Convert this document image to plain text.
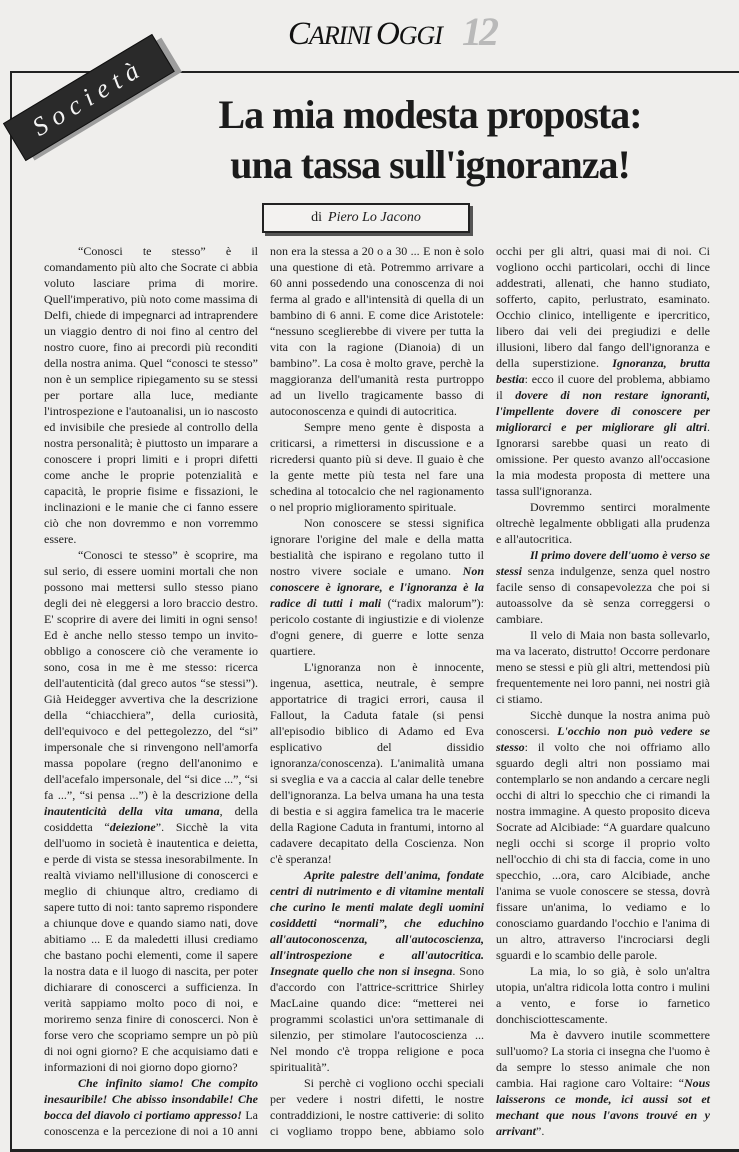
CARINI OGGI 12

“Conosci te stesso” è il comandamento più alto che Socrate ci abbia voluto lasciare prima di morire. Quell'imperativo, più noto come massima di Delfi, chiede di impegnarci ad intraprendere un viaggio dentro di noi fino al centro del nostro cuore, fino ai precordi più reconditi della nostra anima. Quel “conosci te stesso” non è un semplice ripiegamento su se stessi per portare alla luce, mediante l'introspezione e l'autoanalisi, un io nascosto ed invisibile che presiede al controllo della nostra personalità; è piuttosto un imparare a conoscere i propri limiti e i propri difetti come anche le proprie potenzialità e capacità, le proprie fisime e fissazioni, le inclinazioni e le manie che ci fanno essere ciò che non dovremmo e non vorremmo essere.

“Conosci te stesso” è scoprire, ma sul serio, di essere uomini mortali che non possono mai mettersi sullo stesso piano degli dei nè eleggersi a loro braccio destro. E' scoprire di avere dei limiti in ogni senso! Ed è anche nello stesso tempo un invito-obbligo a conoscere ciò che veramente io sono, cosa in me è me stesso: ricerca dell'autenticità (dal greco autos “se stessi”). Già Heidegger avvertiva che la descrizione della “chiacchiera”, della curiosità, dell'equivoco e del pettegolezzo, del “si” impersonale che si rinvengono nell'amorfa massa popolare (regno dell'anonimo e dell'acefalo impersonale, del “si dice ...”, “si fa ...”, “si pensa ...”) è la descrizione della inautenticità della vita umana, della cosiddetta “deiezione”. Sicchè la vita dell'uomo in società è inautentica e deietta, e perde di vista se stessa inesorabilmente. In realtà viviamo nell'illusione di conoscerci e meglio di chiunque altro, crediamo di sapere tutto di noi: tanto sapremo rispondere a chiunque dove e quando siamo nati, dove abitiamo ... E da maledetti illusi crediamo che bastano pochi elementi, come il sapere la nostra data e il luogo di nascita, per poter dichiarare di conoscerci a sufficienza. In verità sappiamo molto poco di noi, e moriremo senza finire di conoscerci. Non è forse vero che scopriamo sempre un pò più di noi ogni giorno? E che acquisiamo dati e informazioni di noi giorno dopo giorno?

Che infinito siamo! Che compito inesauribile! Che abisso insondabile! Che bocca del diavolo ci portiamo appresso! La conoscenza e la percezione di noi a 10 anni non era la stessa a 20 o a 30 ... E non è solo una questione di età. Potremmo arrivare a 60 anni possedendo una conoscenza di noi ferma al grado e all'intensità di quella di un bambino di 6 anni. E come dice Aristotele: “nessuno sceglierebbe di vivere per tutta la vita con la ragione (Dianoia) di un bambino”. La cosa è molto grave, perchè la maggioranza dell'umanità resta purtroppo ad un livello tragicamente basso di autoconoscenza e quindi di autocritica.

Sempre meno gente è disposta a criticarsi, a rimettersi in discussione e a ricredersi quanto più si deve. Il guaio è che la gente mette più testa nel fare una schedina al totocalcio che nel ragionamento o nel proprio miglioramento spirituale.

Non conoscere se stessi significa ignorare l'origine del male e della matta bestialità che ispirano e regolano tutto il nostro vivere sociale e umano. Non conoscere è ignorare, e l'ignoranza è la radice di tutti i mali (“radix malorum”): pericolo costante di ingiustizie e di violenze d'ogni genere, di guerre e lotte senza quartiere.

L'ignoranza non è innocente, ingenua, asettica, neutrale, è sempre apportatrice di tragici errori, causa il Fallout, la Caduta fatale (si pensi all'episodio biblico di Adamo ed Eva esplicativo del dissidio ignoranza/conoscenza). L'animalità umana si sveglia e va a caccia al calar delle tenebre dell'ignoranza. La belva umana ha una testa di bestia e si aggira famelica tra le macerie della Ragione Caduta in frantumi, intorno al cadavere decapitato della Coscienza. Non c'è speranza!

Aprite palestre dell'anima, fondate centri di nutrimento e di vitamine mentali che curino le menti malate degli uomini cosiddetti “normali”, che educhino all'autoconoscenza, all'autocoscienza, all'introspezione e all'autocritica. Insegnate quello che non si insegna. Sono d'accordo con l'attrice-scrittrice Shirley MacLaine quando dice: “metterei nei programmi scolastici un'ora settimanale di silenzio, per stimolare l'autocoscienza ... Nel mondo c'è troppa religione e poca spiritualità”.

Si perchè ci vogliono occhi speciali per vedere i nostri difetti, le nostre contraddizioni, le nostre cattiverie: di solito ci vogliamo troppo bene, abbiamo solo occhi per gli altri, quasi mai di noi. Ci vogliono occhi particolari, occhi di lince addestrati, allenati, che hanno studiato, sofferto, capito, perlustrato, esaminato. Occhio clinico, intelligente e ipercritico, libero dai veli dei pregiudizi e delle illusioni, libero dal fango dell'ignoranza e della superstizione. Ignoranza, brutta bestia: ecco il cuore del problema, abbiamo il dovere di non restare ignoranti, l'impellente dovere di conoscere per migliorarci e per migliorare gli altri. Ignorarsi sarebbe quasi un reato di omissione. Per questo avanzo all'occasione la mia modesta proposta di mettere una tassa sull'ignoranza.

Dovremmo sentirci moralmente oltrechè legalmente obbligati alla prudenza e all'autocritica.

Il primo dovere dell'uomo è verso se stessi senza indulgenze, senza quel nostro facile senso di consapevolezza che poi si autoassolve da sè senza correggersi o cambiare.

Il velo di Maia non basta sollevarlo, ma va lacerato, distrutto! Occorre perdonare meno se stessi e più gli altri, mettendosi più frequentemente nei loro panni, nei nostri già ci stiamo.

Sicchè dunque la nostra anima può conoscersi. L'occhio non può vedere se stesso: il volto che noi offriamo allo sguardo degli altri non possiamo mai contemplarlo se non andando a cercare negli occhi di altri lo specchio che ci rimandi la nostra immagine. A questo proposito diceva Socrate ad Alcibiade: “A guardare qualcuno negli occhi si scorge il proprio volto nell'occhio di chi sta di faccia, come in uno specchio, ...ora, caro Alcibiade, anche l'anima se vuole conoscere se stessa, dovrà fissare un'anima, lo vediamo e lo conosciamo guardando l'occhio e l'anima di un altro, attraverso l'incrociarsi degli sguardi e lo scambio delle parole.

La mia, lo so già, è solo un'altra utopia, un'altra ridicola lotta contro i mulini a vento, e forse io farnetico donchisciottescamente.

Ma è davvero inutile scommettere sull'uomo? La storia ci insegna che l'uomo è da sempre lo stesso animale che non cambia. Hai ragione caro Voltaire: “Nous laisserons ce monde, ici aussi sot et mechant que nous l'avons trouvé en y arrivant”.

Società	La mia modesta proposta:
una tassa sull'ignoranza!
di Piero Lo Jacono
